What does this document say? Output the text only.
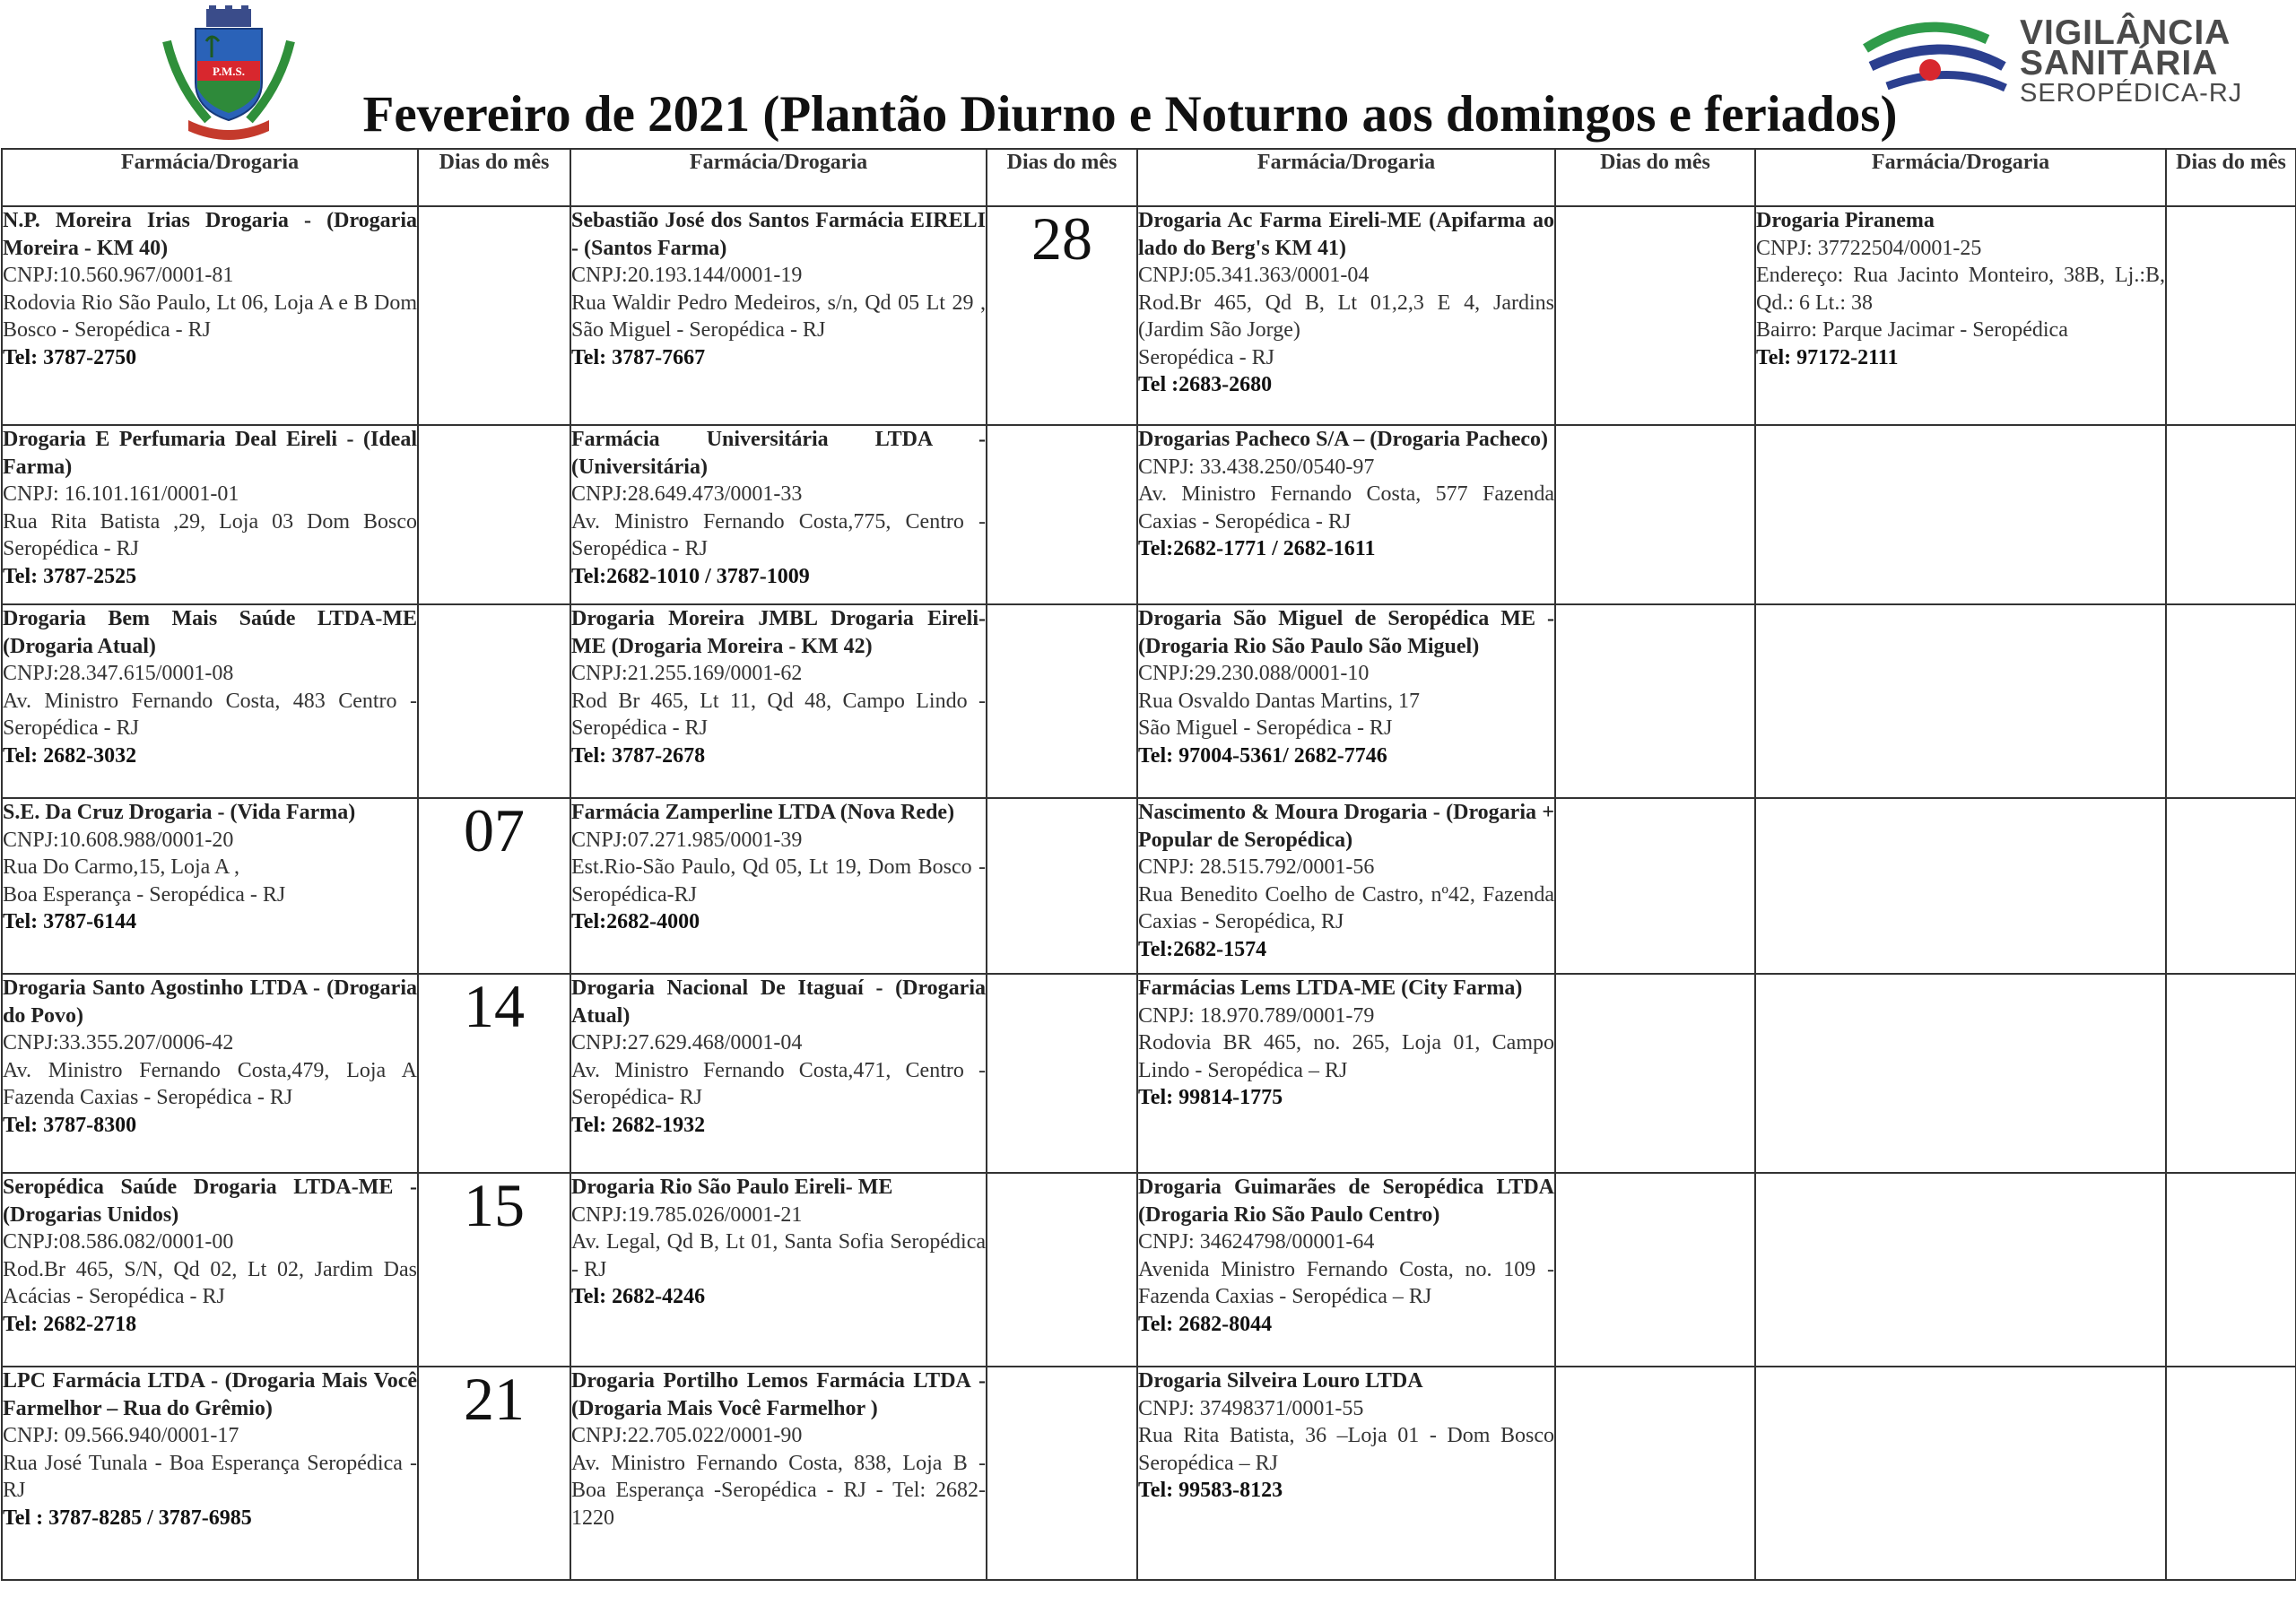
P.M.S.
Fevereiro de 2021 (Plantão Diurno e Noturno aos domingos e feriados)
VIGILÂNCIA
SANITÁRIA
SEROPÉDICA-RJ
Farmácia/Drogaria	Dias do mês	Farmácia/Drogaria	Dias do mês	Farmácia/Drogaria	Dias do mês	Farmácia/Drogaria	Dias do mês

N.P. Moreira Irias Drogaria - (Drogaria Moreira - KM 40)
CNPJ:10.560.967/0001-81
Rodovia Rio São Paulo, Lt 06, Loja A e B Dom Bosco - Seropédica - RJ
Tel: 3787-2750		Sebastião José dos Santos Farmácia EIRELI - (Santos Farma)
CNPJ:20.193.144/0001-19
Rua Waldir Pedro Medeiros, s/n, Qd 05 Lt 29 , São Miguel - Seropédica - RJ
Tel: 3787-7667	28	Drogaria Ac Farma Eireli-ME (Apifarma ao lado do Berg's KM 41)
CNPJ:05.341.363/0001-04
Rod.Br 465, Qd B, Lt 01,2,3 E 4, Jardins (Jardim São Jorge)
Seropédica - RJ
Tel :2683-2680		Drogaria Piranema
CNPJ: 37722504/0001-25
Endereço: Rua Jacinto Monteiro, 38B, Lj.:B, Qd.: 6 Lt.: 38
Bairro: Parque Jacimar - Seropédica
Tel: 97172-2111	

Drogaria E Perfumaria Deal Eireli - (Ideal Farma)
CNPJ: 16.101.161/0001-01
Rua Rita Batista ,29, Loja 03 Dom Bosco Seropédica - RJ
Tel: 3787-2525		Farmácia Universitária LTDA - (Universitária)
CNPJ:28.649.473/0001-33
Av. Ministro Fernando Costa,775, Centro - Seropédica - RJ
Tel:2682-1010 / 3787-1009		Drogarias Pacheco S/A – (Drogaria Pacheco)
CNPJ: 33.438.250/0540-97
Av. Ministro Fernando Costa, 577 Fazenda Caxias - Seropédica - RJ
Tel:2682-1771 / 2682-1611			

Drogaria Bem Mais Saúde LTDA-ME (Drogaria Atual)
CNPJ:28.347.615/0001-08
Av. Ministro Fernando Costa, 483 Centro - Seropédica - RJ
Tel: 2682-3032		Drogaria Moreira JMBL Drogaria Eireli-ME (Drogaria Moreira - KM 42)
CNPJ:21.255.169/0001-62
Rod Br 465, Lt 11, Qd 48, Campo Lindo - Seropédica - RJ
Tel: 3787-2678		Drogaria São Miguel de Seropédica ME - (Drogaria Rio São Paulo São Miguel)
CNPJ:29.230.088/0001-10
Rua Osvaldo Dantas Martins, 17
São Miguel - Seropédica - RJ
Tel: 97004-5361/ 2682-7746			

S.E. Da Cruz Drogaria - (Vida Farma)
CNPJ:10.608.988/0001-20
Rua Do Carmo,15, Loja A ,
Boa Esperança - Seropédica - RJ
Tel: 3787-6144	07	Farmácia Zamperline LTDA (Nova Rede)
CNPJ:07.271.985/0001-39
Est.Rio-São Paulo, Qd 05, Lt 19, Dom Bosco - Seropédica-RJ
Tel:2682-4000		Nascimento & Moura Drogaria - (Drogaria + Popular de Seropédica)
CNPJ: 28.515.792/0001-56
Rua Benedito Coelho de Castro, nº42, Fazenda Caxias - Seropédica, RJ
Tel:2682-1574			

Drogaria Santo Agostinho LTDA - (Drogaria do Povo)
CNPJ:33.355.207/0006-42
Av. Ministro Fernando Costa,479, Loja A Fazenda Caxias - Seropédica - RJ
Tel: 3787-8300	14	Drogaria Nacional De Itaguaí - (Drogaria Atual)
CNPJ:27.629.468/0001-04
Av. Ministro Fernando Costa,471, Centro - Seropédica- RJ
Tel: 2682-1932		Farmácias Lems LTDA-ME (City Farma)
CNPJ: 18.970.789/0001-79
Rodovia BR 465, no. 265, Loja 01, Campo Lindo - Seropédica – RJ
Tel: 99814-1775			

Seropédica Saúde Drogaria LTDA-ME - (Drogarias Unidos)
CNPJ:08.586.082/0001-00
Rod.Br 465, S/N, Qd 02, Lt 02, Jardim Das Acácias - Seropédica - RJ
Tel: 2682-2718	15	Drogaria Rio São Paulo Eireli- ME
CNPJ:19.785.026/0001-21
Av. Legal, Qd B, Lt 01, Santa Sofia Seropédica - RJ
Tel: 2682-4246		Drogaria Guimarães de Seropédica LTDA (Drogaria Rio São Paulo Centro)
CNPJ: 34624798/00001-64
Avenida Ministro Fernando Costa, no. 109 - Fazenda Caxias - Seropédica – RJ
Tel: 2682-8044			

LPC Farmácia LTDA - (Drogaria Mais Você Farmelhor – Rua do Grêmio)
CNPJ: 09.566.940/0001-17
Rua José Tunala - Boa Esperança Seropédica - RJ
Tel : 3787-8285 / 3787-6985	21	Drogaria Portilho Lemos Farmácia LTDA - (Drogaria Mais Você Farmelhor )
CNPJ:22.705.022/0001-90
Av. Ministro Fernando Costa, 838, Loja B - Boa Esperança -Seropédica - RJ - Tel: 2682-1220		Drogaria Silveira Louro LTDA
CNPJ: 37498371/0001-55
Rua Rita Batista, 36 –Loja 01 - Dom Bosco Seropédica – RJ
Tel: 99583-8123			
